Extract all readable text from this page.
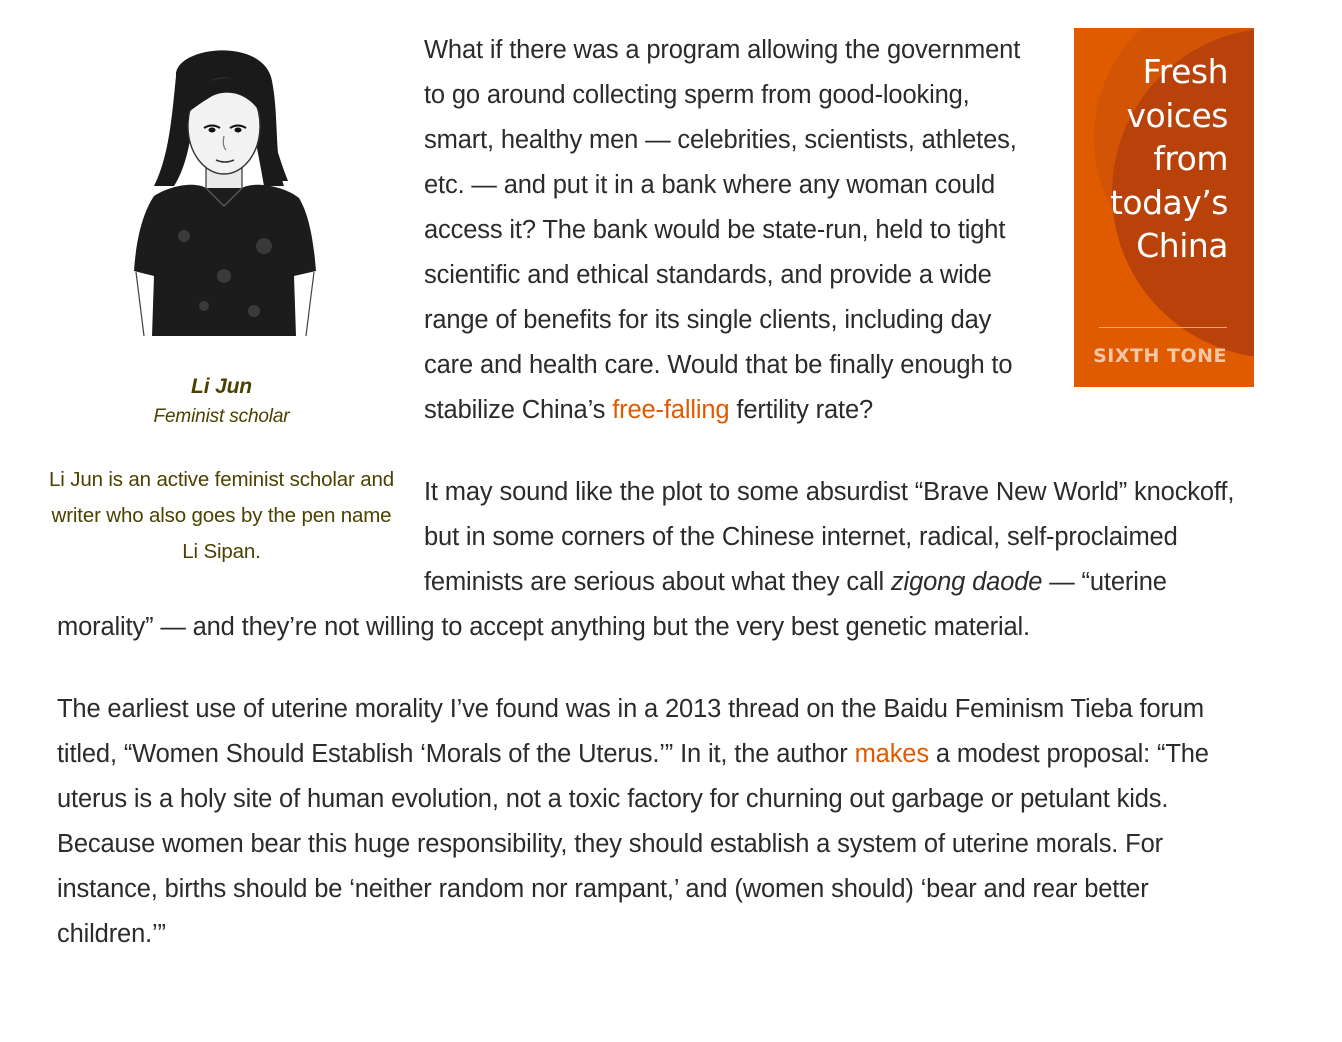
Li Jun
Feminist scholar
Li Jun is an active feminist scholar and writer who also goes by the pen name Li Sipan.
Fresh
voices
from
today’s
China
SIXTH TONE

What if there was a program allowing the government to go around collecting sperm from good-looking, smart, healthy men — celebrities, scientists, athletes, etc. — and put it in a bank where any woman could access it? The bank would be state-run, held to tight scientific and ethical standards, and provide a wide range of benefits for its single clients, including day care and health care. Would that be finally enough to stabilize China’s free-falling fertility rate?

It may sound like the plot to some absurdist “Brave New World” knockoff, but in some corners of the Chinese internet, radical, self-proclaimed feminists are serious about what they call zigong daode — “uterine morality” — and they’re not willing to accept anything but the very best genetic material.

The earliest use of uterine morality I’ve found was in a 2013 thread on the Baidu Feminism Tieba forum titled, “Women Should Establish ‘Morals of the Uterus.’” In it, the author makes a modest proposal: “The uterus is a holy site of human evolution, not a toxic factory for churning out garbage or petulant kids. Because women bear this huge responsibility, they should establish a system of uterine morals. For instance, births should be ‘neither random nor rampant,’ and (women should) ‘bear and rear better children.’”
